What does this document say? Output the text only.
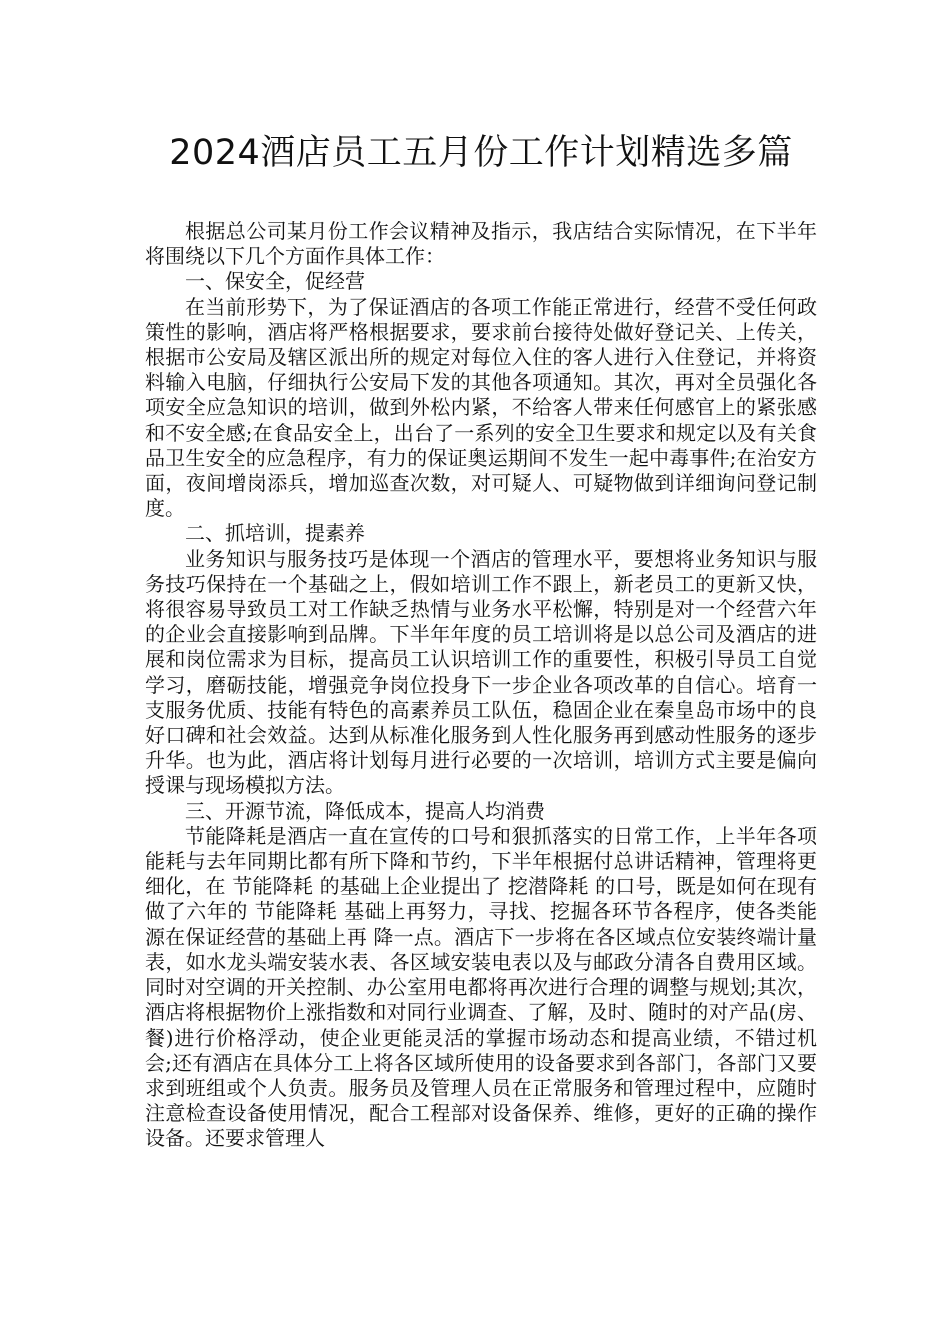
2024酒店员工五月份工作计划精选多篇

根据总公司某月份工作会议精神及指示，我店结合实际情况，在下半年将围绕以下几个方面作具体工作：

一、保安全，促经营

在当前形势下，为了保证酒店的各项工作能正常进行，经营不受任何政策性的影响，酒店将严格根据要求，要求前台接待处做好登记关、上传关，根据市公安局及辖区派出所的规定对每位入住的客人进行入住登记，并将资料输入电脑，仔细执行公安局下发的其他各项通知。其次，再对全员强化各项安全应急知识的培训，做到外松内紧，不给客人带来任何感官上的紧张感和不安全感;在食品安全上，出台了一系列的安全卫生要求和规定以及有关食品卫生安全的应急程序，有力的保证奥运期间不发生一起中毒事件;在治安方面，夜间增岗添兵，增加巡查次数，对可疑人、可疑物做到详细询问登记制度。

二、抓培训，提素养

业务知识与服务技巧是体现一个酒店的管理水平，要想将业务知识与服务技巧保持在一个基础之上，假如培训工作不跟上，新老员工的更新又快，将很容易导致员工对工作缺乏热情与业务水平松懈，特别是对一个经营六年的企业会直接影响到品牌。下半年年度的员工培训将是以总公司及酒店的进展和岗位需求为目标，提高员工认识培训工作的重要性，积极引导员工自觉学习，磨砺技能，增强竞争岗位投身下一步企业各项改革的自信心。培育一支服务优质、技能有特色的高素养员工队伍，稳固企业在秦皇岛市场中的良好口碑和社会效益。达到从标准化服务到人性化服务再到感动性服务的逐步升华。也为此，酒店将计划每月进行必要的一次培训，培训方式主要是偏向授课与现场模拟方法。

三、开源节流，降低成本，提高人均消费

节能降耗是酒店一直在宣传的口号和狠抓落实的日常工作，上半年各项能耗与去年同期比都有所下降和节约，下半年根据付总讲话精神，管理将更细化，在 节能降耗 的基础上企业提出了 挖潜降耗 的口号，既是如何在现有做了六年的 节能降耗 基础上再努力，寻找、挖掘各环节各程序，使各类能源在保证经营的基础上再 降一点。酒店下一步将在各区域点位安装终端计量表，如水龙头端安装水表、各区域安装电表以及与邮政分清各自费用区域。同时对空调的开关控制、办公室用电都将再次进行合理的调整与规划;其次，酒店将根据物价上涨指数和对同行业调查、了解，及时、随时的对产品(房、餐)进行价格浮动，使企业更能灵活的掌握市场动态和提高业绩，不错过机会;还有酒店在具体分工上将各区域所使用的设备要求到各部门，各部门又要求到班组或个人负责。服务员及管理人员在正常服务和管理过程中，应随时注意检查设备使用情况，配合工程部对设备保养、维修，更好的正确的操作设备。还要求管理人
